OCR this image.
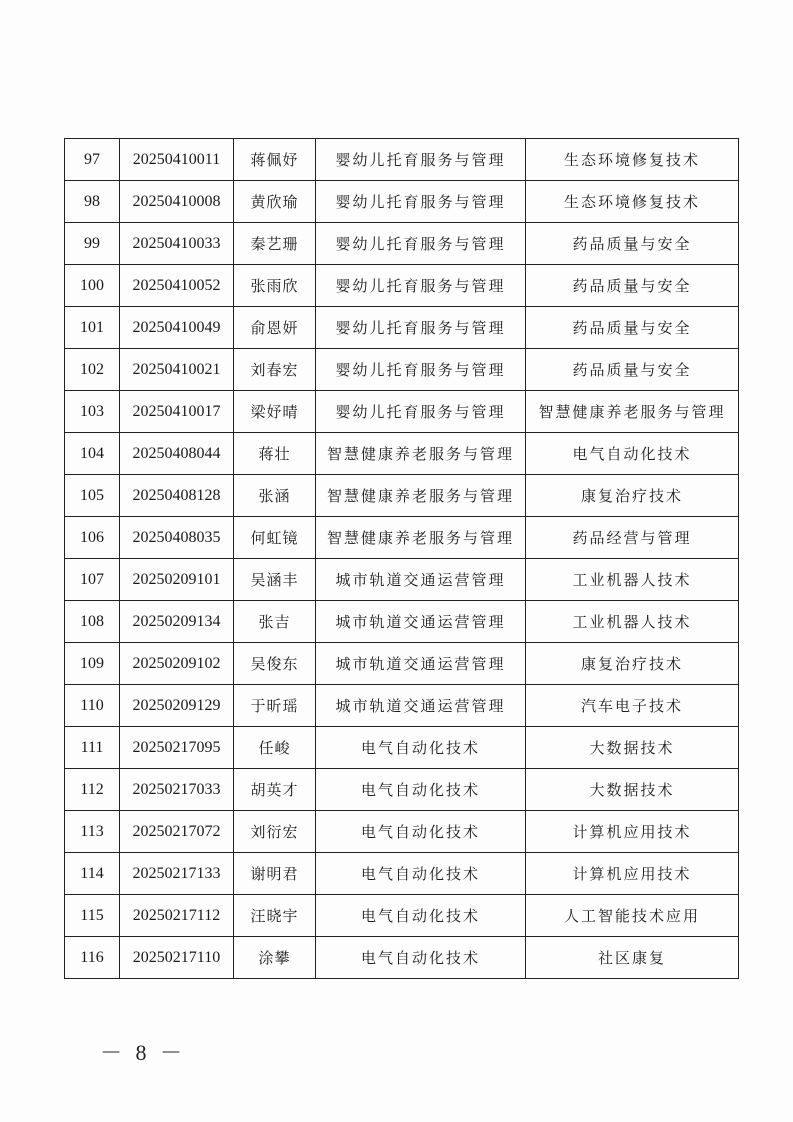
97	20250410011	蒋佩妤	婴幼儿托育服务与管理	生态环境修复技术
98	20250410008	黄欣瑜	婴幼儿托育服务与管理	生态环境修复技术
99	20250410033	秦艺珊	婴幼儿托育服务与管理	药品质量与安全
100	20250410052	张雨欣	婴幼儿托育服务与管理	药品质量与安全
101	20250410049	俞恩妍	婴幼儿托育服务与管理	药品质量与安全
102	20250410021	刘春宏	婴幼儿托育服务与管理	药品质量与安全
103	20250410017	梁妤晴	婴幼儿托育服务与管理	智慧健康养老服务与管理
104	20250408044	蒋壮	智慧健康养老服务与管理	电气自动化技术
105	20250408128	张涵	智慧健康养老服务与管理	康复治疗技术
106	20250408035	何虹镜	智慧健康养老服务与管理	药品经营与管理
107	20250209101	吴涵丰	城市轨道交通运营管理	工业机器人技术
108	20250209134	张吉	城市轨道交通运营管理	工业机器人技术
109	20250209102	吴俊东	城市轨道交通运营管理	康复治疗技术
110	20250209129	于昕瑶	城市轨道交通运营管理	汽车电子技术
111	20250217095	任峻	电气自动化技术	大数据技术
112	20250217033	胡英才	电气自动化技术	大数据技术
113	20250217072	刘衍宏	电气自动化技术	计算机应用技术
114	20250217133	谢明君	电气自动化技术	计算机应用技术
115	20250217112	汪晓宇	电气自动化技术	人工智能技术应用
116	20250217110	涂攀	电气自动化技术	社区康复
－ 8 －
